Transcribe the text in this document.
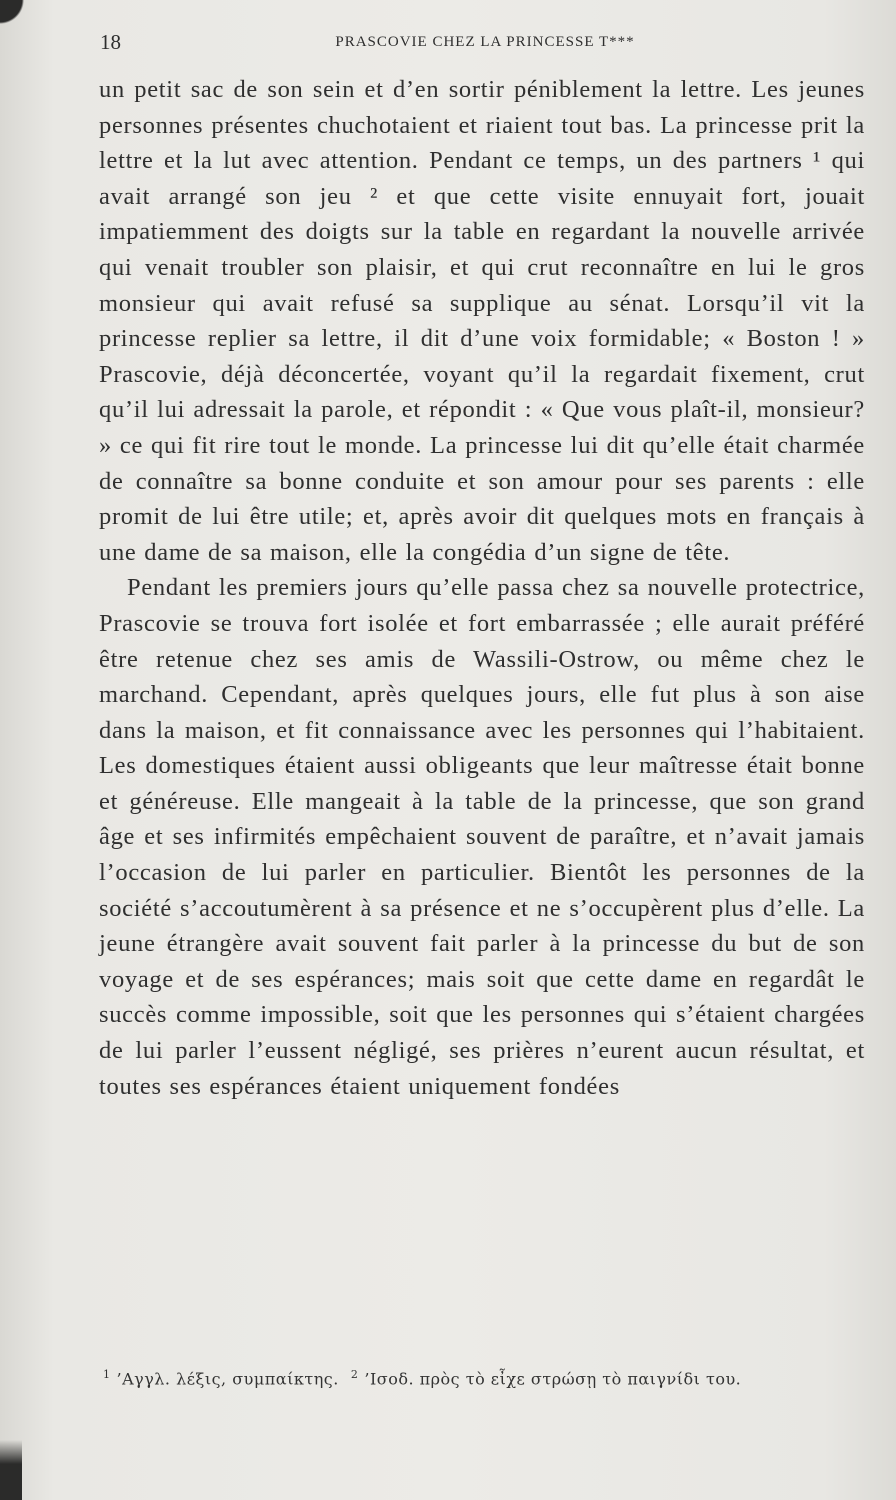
18	PRASCOVIE CHEZ LA PRINCESSE T***

un petit sac de son sein et d’en sortir péniblement la lettre. Les jeunes personnes présentes chuchotaient et riaient tout bas. La princesse prit la lettre et la lut avec attention. Pendant ce temps, un des partners ¹ qui avait arrangé son jeu ² et que cette visite ennuyait fort, jouait impatiemment des doigts sur la table en regardant la nouvelle arrivée qui venait troubler son plaisir, et qui crut reconnaître en lui le gros monsieur qui avait refusé sa supplique au sénat. Lorsqu’il vit la princesse replier sa lettre, il dit d’une voix formidable; « Boston ! » Prascovie, déjà déconcertée, voyant qu’il la regardait fixement, crut qu’il lui adressait la parole, et répondit : « Que vous plaît-il, monsieur? » ce qui fit rire tout le monde. La princesse lui dit qu’elle était charmée de connaître sa bonne conduite et son amour pour ses parents : elle promit de lui être utile; et, après avoir dit quelques mots en français à une dame de sa maison, elle la congédia d’un signe de tête.

Pendant les premiers jours qu’elle passa chez sa nouvelle protectrice, Prascovie se trouva fort isolée et fort embarrassée ; elle aurait préféré être retenue chez ses amis de Wassili-Ostrow, ou même chez le marchand. Cependant, après quelques jours, elle fut plus à son aise dans la maison, et fit connaissance avec les personnes qui l’habitaient. Les domestiques étaient aussi obligeants que leur maîtresse était bonne et généreuse. Elle mangeait à la table de la princesse, que son grand âge et ses infirmités empêchaient souvent de paraître, et n’avait jamais l’occasion de lui parler en particulier. Bientôt les personnes de la société s’accoutumèrent à sa présence et ne s’occupèrent plus d’elle. La jeune étrangère avait souvent fait parler à la princesse du but de son voyage et de ses espérances; mais soit que cette dame en regardât le succès comme impossible, soit que les personnes qui s’étaient chargées de lui parler l’eussent négligé, ses prières n’eurent aucun résultat, et toutes ses espérances étaient uniquement fondées

$^1$ ’Αγγλ. λέξις, συμπαίκτης. $^2$ ’Ισοδ. πρὸς τὸ εἶχε στρώσῃ τὸ παιγνίδι του.
